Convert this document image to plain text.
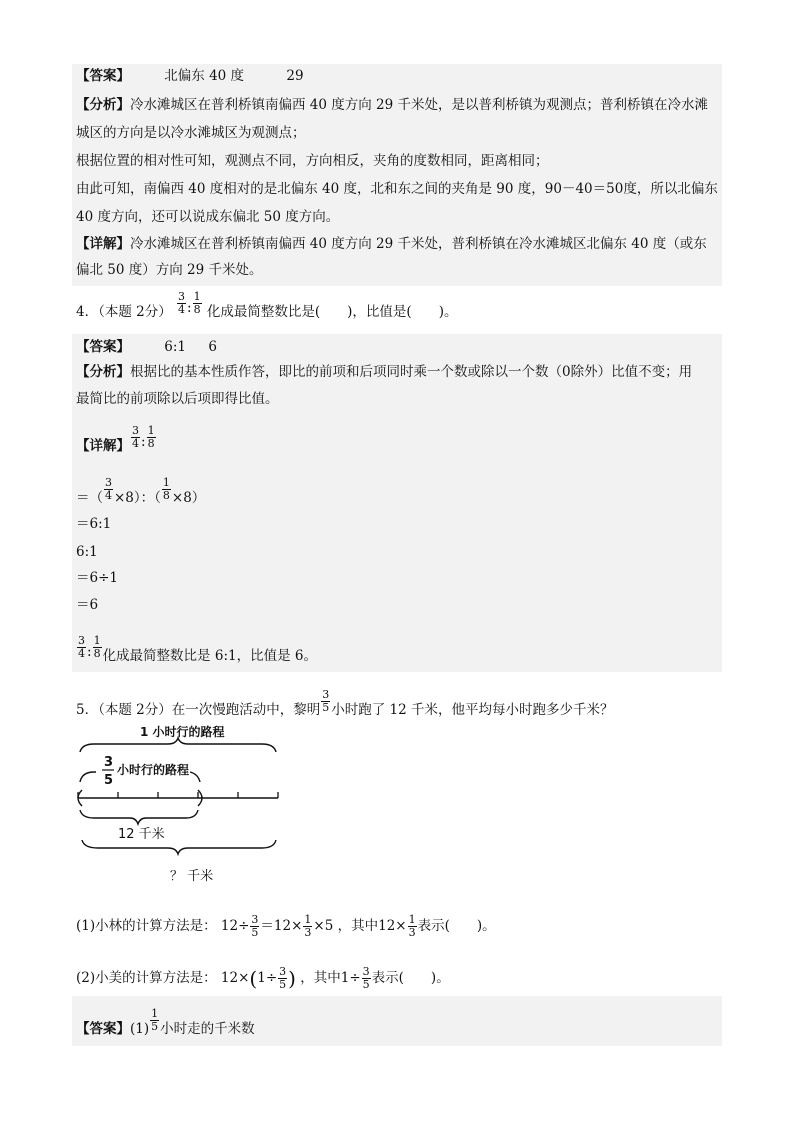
【答案】	北偏东 40 度	29
【分析】冷水滩城区在普利桥镇南偏西 40 度方向 29 千米处，是以普利桥镇为观测点；普利桥镇在冷水滩
城区的方向是以冷水滩城区为观测点；
根据位置的相对性可知，观测点不同，方向相反，夹角的度数相同，距离相同；
由此可知，南偏西 40 度相对的是北偏东 40 度，北和东之间的夹角是 90 度，90－40＝50度，所以北偏东
40 度方向，还可以说成东偏北 50 度方向。
【详解】冷水滩城区在普利桥镇南偏西 40 度方向 29 千米处，普利桥镇在冷水滩城区北偏东 40 度（或东
偏北 50 度）方向 29 千米处。
4．（本题 2分） $\frac{3}{4}$ : $\frac{1}{8}$ 化成最简整数比是(　　)，比值是(　　)。
【答案】	6:1 6
【分析】根据比的基本性质作答，即比的前项和后项同时乘一个数或除以一个数（0除外）比值不变；用
最简比的前项除以后项即得比值。
【详解】 $\frac{3}{4}$ : $\frac{1}{8}$
＝（ $\frac{3}{4} \times 8$）：（ $\frac{1}{8} \times 8$）
＝6:1
6:1
＝6÷1
＝6
$\frac{3}{4}$ : $\frac{1}{8}$ 化成最简整数比是 6:1，比值是 6。
5．（本题 2分）在一次慢跑活动中，黎明 $\frac{3}{5}$ 小时跑了 12 千米，他平均每小时跑多少千米？
1 小时行的路程
3
5
小时行的路程
12 千米
？ 千米
(1)小林的计算方法是： $12\div \frac{3}{5} =12\times \frac{1}{3} \times 5$ ，其中$12\times \frac{1}{3}$ 表示(　　)。
(2)小美的计算方法是： $12\times(1\div \frac{3}{5}$ ) ，其中$1\div \frac{3}{5}$ 表示(　　)。
【答案】$(1) \frac{1}{5}$ 小时走的千米数
